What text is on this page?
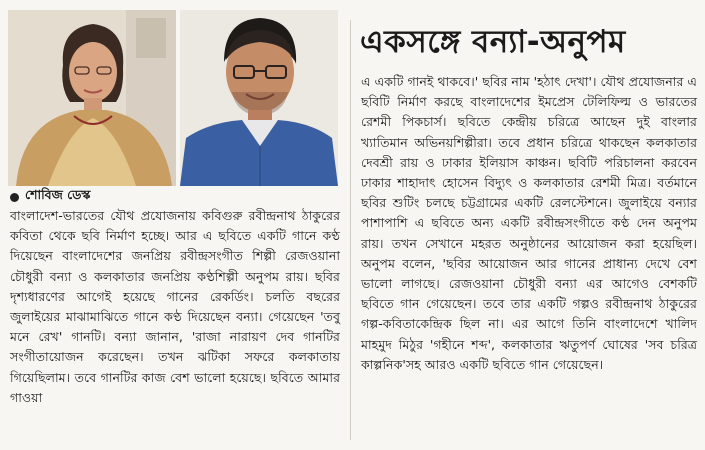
শোবিজ ডেস্ক

বাংলাদেশ-ভারতের যৌথ প্রযোজনায় কবিগুরু রবীন্দ্রনাথ ঠাকুরের কবিতা থেকে ছবি নির্মাণ হচ্ছে। আর এ ছবিতে একটি গানে কণ্ঠ দিয়েছেন বাংলাদেশের জনপ্রিয় রবীন্দ্রসংগীত শিল্পী রেজওয়ানা চৌধুরী বন্যা ও কলকাতার জনপ্রিয় কণ্ঠশিল্পী অনুপম রায়। ছবির দৃশ্যধারণের আগেই হয়েছে গানের রেকর্ডিং। চলতি বছরের জুলাইয়ের মাঝামাঝিতে গানে কণ্ঠ দিয়েছেন বন্যা। গেয়েছেন 'তবু মনে রেখ' গানটি। বন্যা জানান, 'রাজা নারায়ণ দেব গানটির সংগীতায়োজন করেছেন। তখন ঝটিকা সফরে কলকাতায় গিয়েছিলাম। তবে গানটির কাজ বেশ ভালো হয়েছে। ছবিতে আমার গাওয়া

একসঙ্গে বন্যা-অনুপম

এ একটি গানই থাকবে।' ছবির নাম 'হঠাৎ দেখা'। যৌথ প্রযোজনার এ ছবিটি নির্মাণ করছে বাংলাদেশের ইমপ্রেস টেলিফিল্ম ও ভারতের রেশমী পিকচার্স। ছবিতে কেন্দ্রীয় চরিত্রে আছেন দুই বাংলার খ্যাতিমান অভিনয়শিল্পীরা। তবে প্রধান চরিত্রে থাকছেন কলকাতার দেবশ্রী রায় ও ঢাকার ইলিয়াস কাঞ্চন। ছবিটি পরিচালনা করবেন ঢাকার শাহাদাৎ হোসেন বিদ্যুৎ ও কলকাতার রেশমী মিত্র। বর্তমানে ছবির শুটিং চলছে চট্টগ্রামের একটি রেলস্টেশনে। জুলাইয়ে বন্যার পাশাপাশি এ ছবিতে অন্য একটি রবীন্দ্রসংগীতে কণ্ঠ দেন অনুপম রায়। তখন সেখানে মহরত অনুষ্ঠানের আয়োজন করা হয়েছিল। অনুপম বলেন, 'ছবির আয়োজন আর গানের প্রাধান্য দেখে বেশ ভালো লাগছে। রেজওয়ানা চৌধুরী বন্যা এর আগেও বেশকটি ছবিতে গান গেয়েছেন। তবে তার একটি গল্পও রবীন্দ্রনাথ ঠাকুরের গল্প-কবিতাকেন্দ্রিক ছিল না। এর আগে তিনি বাংলাদেশে খালিদ মাহমুদ মিঠুর 'গহীনে শব্দ', কলকাতার ঋতুপর্ণ ঘোষের 'সব চরিত্র কাল্পনিক'সহ আরও একটি ছবিতে গান গেয়েছেন।
